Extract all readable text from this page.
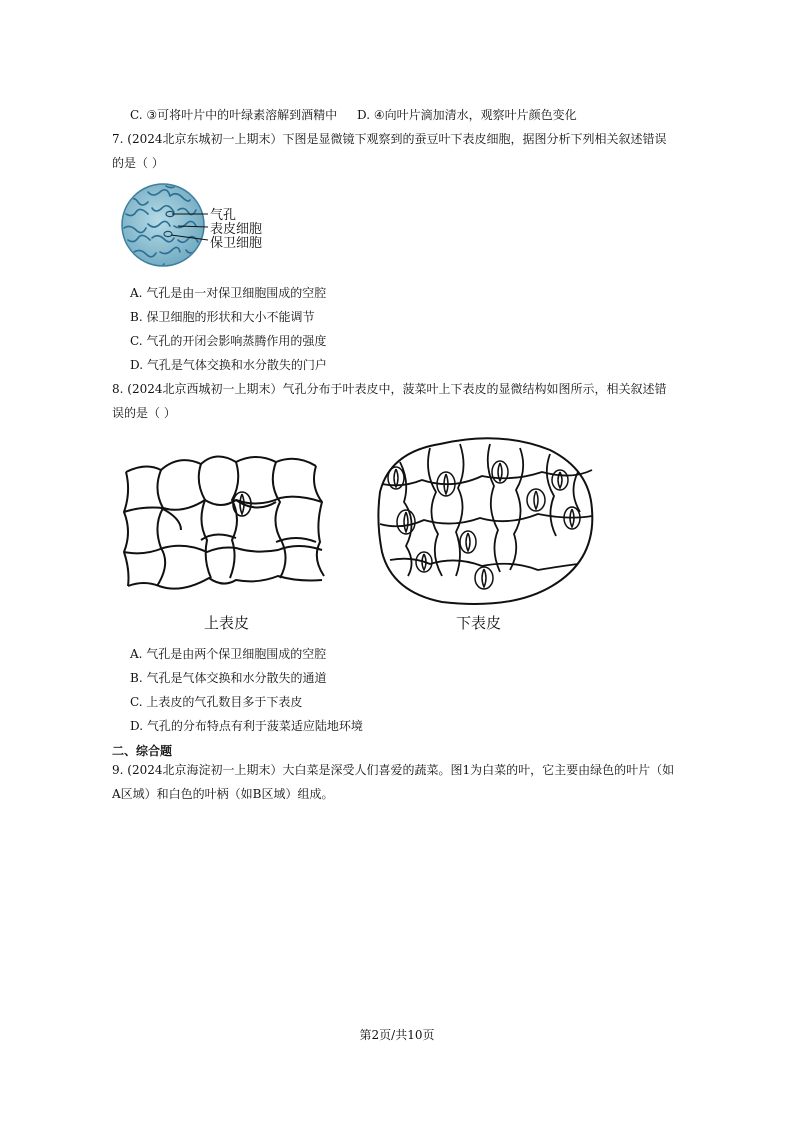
C. ③可将叶片中的叶绿素溶解到酒精中 D. ④向叶片滴加清水，观察叶片颜色变化
7. (2024北京东城初一上期末）下图是显微镜下观察到的蚕豆叶下表皮细胞，据图分析下列相关叙述错误
的是（ ）
气孔
表皮细胞
保卫细胞
A. 气孔是由一对保卫细胞围成的空腔
B. 保卫细胞的形状和大小不能调节
C. 气孔的开闭会影响蒸腾作用的强度
D. 气孔是气体交换和水分散失的门户
8. (2024北京西城初一上期末）气孔分布于叶表皮中，菠菜叶上下表皮的显微结构如图所示，相关叙述错
误的是（ ）
上表皮	下表皮
A. 气孔是由两个保卫细胞围成的空腔
B. 气孔是气体交换和水分散失的通道
C. 上表皮的气孔数目多于下表皮
D. 气孔的分布特点有利于菠菜适应陆地环境
二、综合题
9. (2024北京海淀初一上期末）大白菜是深受人们喜爱的蔬菜。图1为白菜的叶，它主要由绿色的叶片（如
A区域）和白色的叶柄（如B区域）组成。
第2页/共10页
